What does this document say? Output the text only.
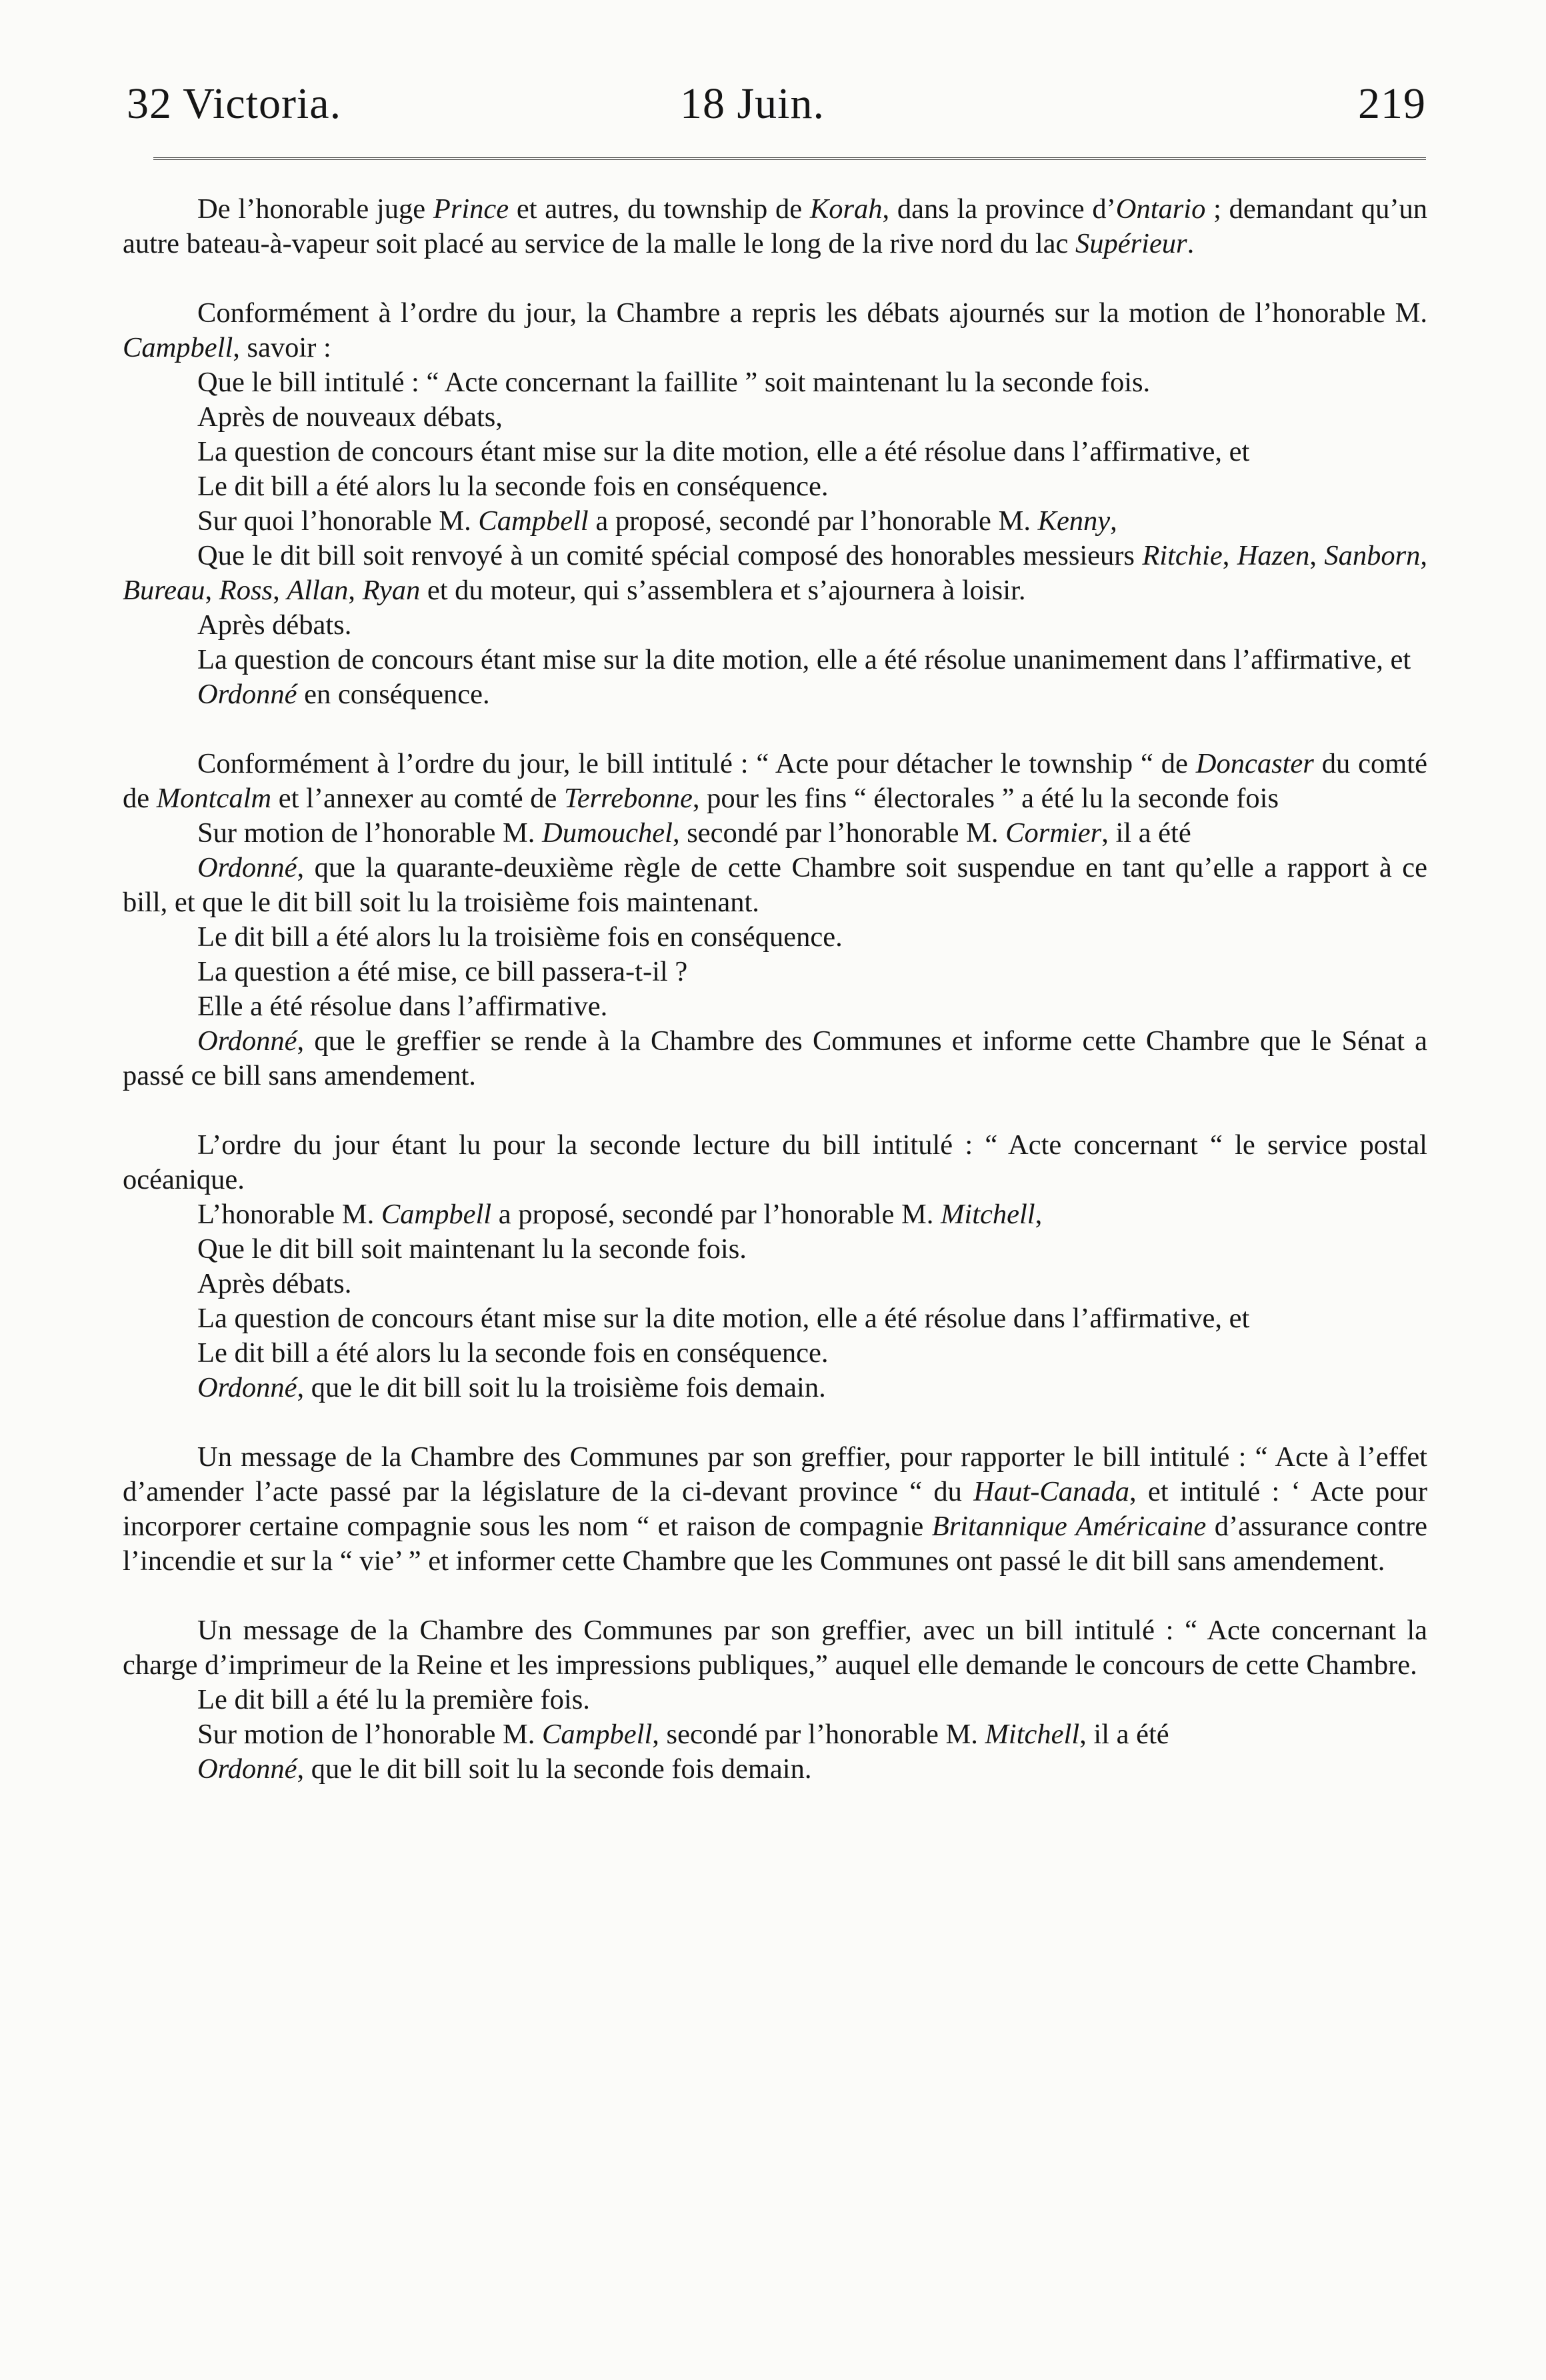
32 Victoria.	18 Juin.	219

De l’honorable juge Prince et autres, du township de Korah, dans la province d’Ontario ; demandant qu’un autre bateau-à-vapeur soit placé au service de la malle le long de la rive nord du lac Supérieur.

Conformément à l’ordre du jour, la Chambre a repris les débats ajournés sur la motion de l’honorable M. Campbell, savoir :

Que le bill intitulé : “ Acte concernant la faillite ” soit maintenant lu la seconde fois.

Après de nouveaux débats,

La question de concours étant mise sur la dite motion, elle a été résolue dans l’affirmative, et

Le dit bill a été alors lu la seconde fois en conséquence.

Sur quoi l’honorable M. Campbell a proposé, secondé par l’honorable M. Kenny,

Que le dit bill soit renvoyé à un comité spécial composé des honorables messieurs Ritchie, Hazen, Sanborn, Bureau, Ross, Allan, Ryan et du moteur, qui s’assemblera et s’ajournera à loisir.

Après débats.

La question de concours étant mise sur la dite motion, elle a été résolue unanimement dans l’affirmative, et

Ordonné en conséquence.

Conformément à l’ordre du jour, le bill intitulé : “ Acte pour détacher le township “ de Doncaster du comté de Montcalm et l’annexer au comté de Terrebonne, pour les fins “ électorales ” a été lu la seconde fois

Sur motion de l’honorable M. Dumouchel, secondé par l’honorable M. Cormier, il a été

Ordonné, que la quarante-deuxième règle de cette Chambre soit suspendue en tant qu’elle a rapport à ce bill, et que le dit bill soit lu la troisième fois maintenant.

Le dit bill a été alors lu la troisième fois en conséquence.

La question a été mise, ce bill passera-t-il ?

Elle a été résolue dans l’affirmative.

Ordonné, que le greffier se rende à la Chambre des Communes et informe cette Chambre que le Sénat a passé ce bill sans amendement.

L’ordre du jour étant lu pour la seconde lecture du bill intitulé : “ Acte concernant “ le service postal océanique.

L’honorable M. Campbell a proposé, secondé par l’honorable M. Mitchell,

Que le dit bill soit maintenant lu la seconde fois.

Après débats.

La question de concours étant mise sur la dite motion, elle a été résolue dans l’affirmative, et

Le dit bill a été alors lu la seconde fois en conséquence.

Ordonné, que le dit bill soit lu la troisième fois demain.

Un message de la Chambre des Communes par son greffier, pour rapporter le bill intitulé : “ Acte à l’effet d’amender l’acte passé par la législature de la ci-devant province “ du Haut-Canada, et intitulé : ‘ Acte pour incorporer certaine compagnie sous les nom “ et raison de compagnie Britannique Américaine d’assurance contre l’incendie et sur la “ vie’ ” et informer cette Chambre que les Communes ont passé le dit bill sans amendement.

Un message de la Chambre des Communes par son greffier, avec un bill intitulé : “ Acte concernant la charge d’imprimeur de la Reine et les impressions publiques,” auquel elle demande le concours de cette Chambre.

Le dit bill a été lu la première fois.

Sur motion de l’honorable M. Campbell, secondé par l’honorable M. Mitchell, il a été

Ordonné, que le dit bill soit lu la seconde fois demain.
